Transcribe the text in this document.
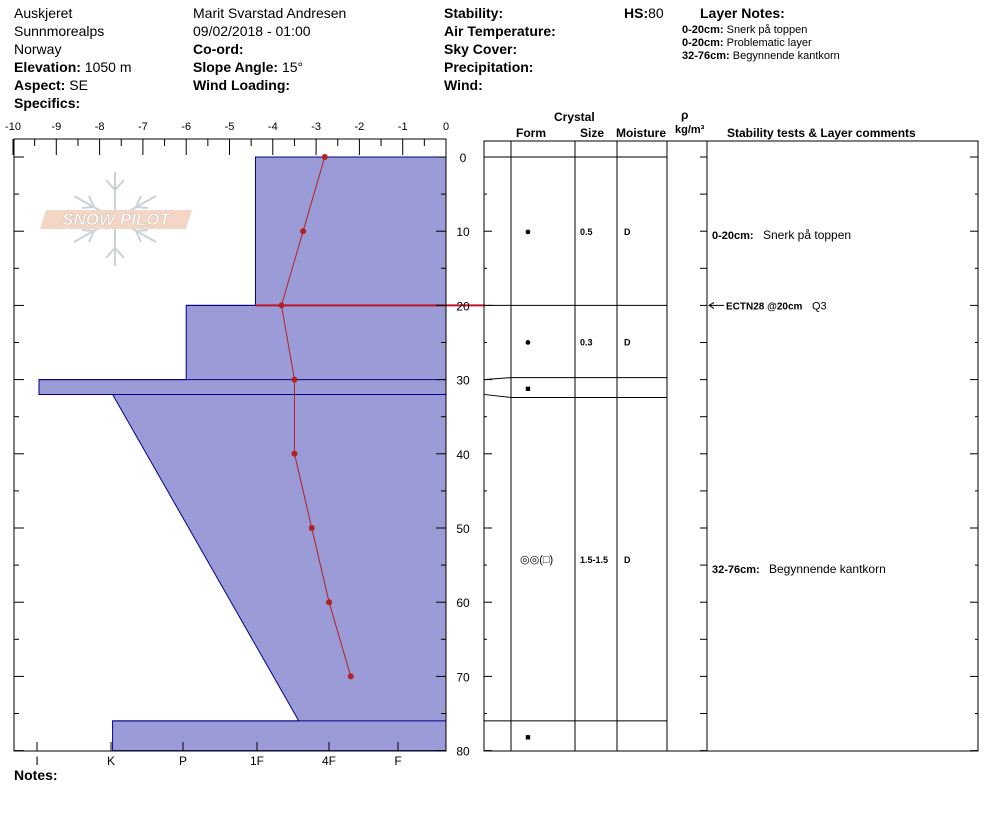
Auskjeret
Sunnmorealps
Norway
Elevation: 1050 m
Aspect: SE
Specifics:
Marit Svarstad Andresen
09/02/2018 - 01:00
Co-ord:
Slope Angle: 15°
Wind Loading:
Stability:
Air Temperature:
Sky Cover:
Precipitation:
Wind:
HS:80	Layer Notes:
0-20cm: Snerk på toppen
0-20cm: Problematic layer
32-76cm: Begynnende kantkorn
Crystal
Form	Size Moisture
ρ
kg/m³ Stability tests & Layer comments
Notes:
SNOW PILOT
-10	-9	-8	-7	-6	-5	-4	-3	-2	-1	0
0
10
20
30
40
50
60
70
80
I	K	P	1F	4F	F
●	0.5	D
●	0.3	D
■
◎◎(□)	1.5-1.5 D
■
0-20cm: Snerk på toppen
ECTN28 @20cm Q3
32-76cm: Begynnende kantkorn
